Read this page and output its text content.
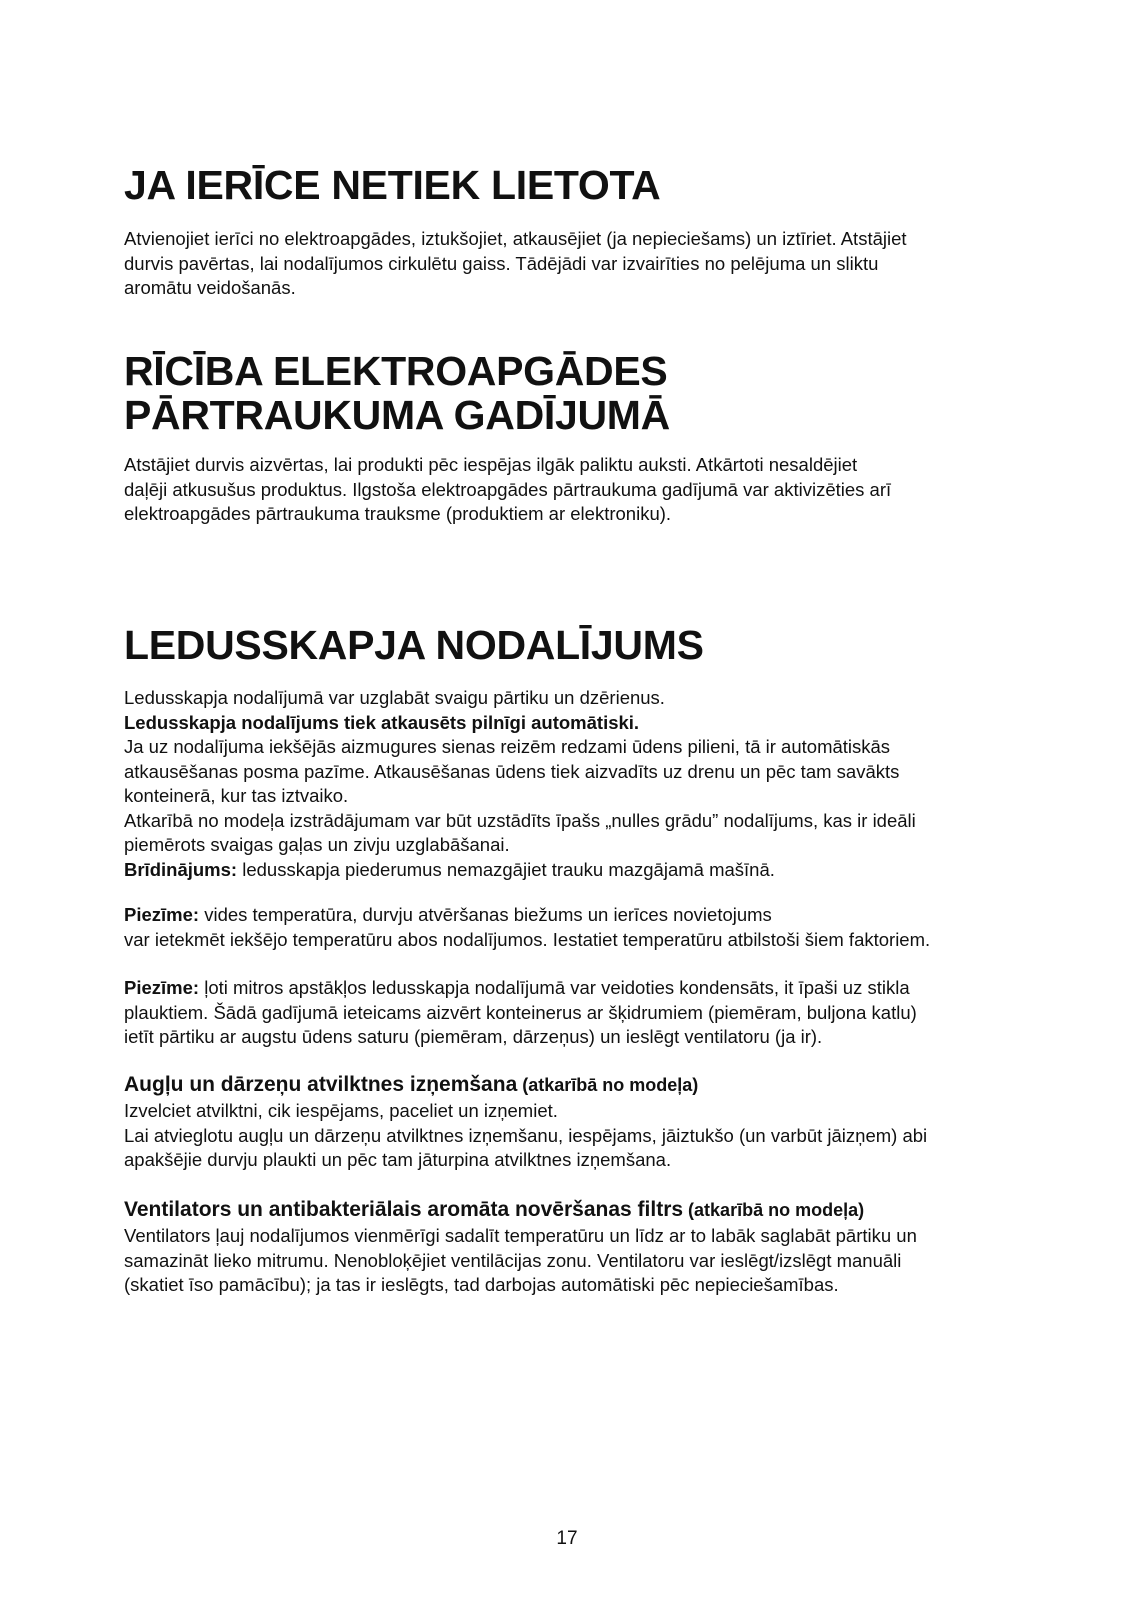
JA IERĪCE NETIEK LIETOTA
Atvienojiet ierīci no elektroapgādes, iztukšojiet, atkausējiet (ja nepieciešams) un iztīriet. Atstājiet
durvis pavērtas, lai nodalījumos cirkulētu gaiss. Tādējādi var izvairīties no pelējuma un sliktu
aromātu veidošanās.
RĪCĪBA ELEKTROAPGĀDES
PĀRTRAUKUMA GADĪJUMĀ
Atstājiet durvis aizvērtas, lai produkti pēc iespējas ilgāk paliktu auksti. Atkārtoti nesaldējiet
daļēji atkusušus produktus. Ilgstoša elektroapgādes pārtraukuma gadījumā var aktivizēties arī
elektroapgādes pārtraukuma trauksme (produktiem ar elektroniku).
LEDUSSKAPJA NODALĪJUMS
Ledusskapja nodalījumā var uzglabāt svaigu pārtiku un dzērienus.
Ledusskapja nodalījums tiek atkausēts pilnīgi automātiski.
Ja uz nodalījuma iekšējās aizmugures sienas reizēm redzami ūdens pilieni, tā ir automātiskās
atkausēšanas posma pazīme. Atkausēšanas ūdens tiek aizvadīts uz drenu un pēc tam savākts
konteinerā, kur tas iztvaiko.
Atkarībā no modeļa izstrādājumam var būt uzstādīts īpašs „nulles grādu” nodalījums, kas ir ideāli
piemērots svaigas gaļas un zivju uzglabāšanai.
Brīdinājums: ledusskapja piederumus nemazgājiet trauku mazgājamā mašīnā.
Piezīme: vides temperatūra, durvju atvēršanas biežums un ierīces novietojums
var ietekmēt iekšējo temperatūru abos nodalījumos. Iestatiet temperatūru atbilstoši šiem faktoriem.
Piezīme: ļoti mitros apstākļos ledusskapja nodalījumā var veidoties kondensāts, it īpaši uz stikla
plauktiem. Šādā gadījumā ieteicams aizvērt konteinerus ar šķidrumiem (piemēram, buljona katlu)
ietīt pārtiku ar augstu ūdens saturu (piemēram, dārzeņus) un ieslēgt ventilatoru (ja ir).
Augļu un dārzeņu atvilktnes izņemšana (atkarībā no modeļa)
Izvelciet atvilktni, cik iespējams, paceliet un izņemiet.
Lai atvieglotu augļu un dārzeņu atvilktnes izņemšanu, iespējams, jāiztukšo (un varbūt jāizņem) abi
apakšējie durvju plaukti un pēc tam jāturpina atvilktnes izņemšana.
Ventilators un antibakteriālais aromāta novēršanas filtrs (atkarībā no modeļa)
Ventilators ļauj nodalījumos vienmērīgi sadalīt temperatūru un līdz ar to labāk saglabāt pārtiku un
samazināt lieko mitrumu. Nenobloķējiet ventilācijas zonu. Ventilatoru var ieslēgt/izslēgt manuāli
(skatiet īso pamācību); ja tas ir ieslēgts, tad darbojas automātiski pēc nepieciešamības.
17
